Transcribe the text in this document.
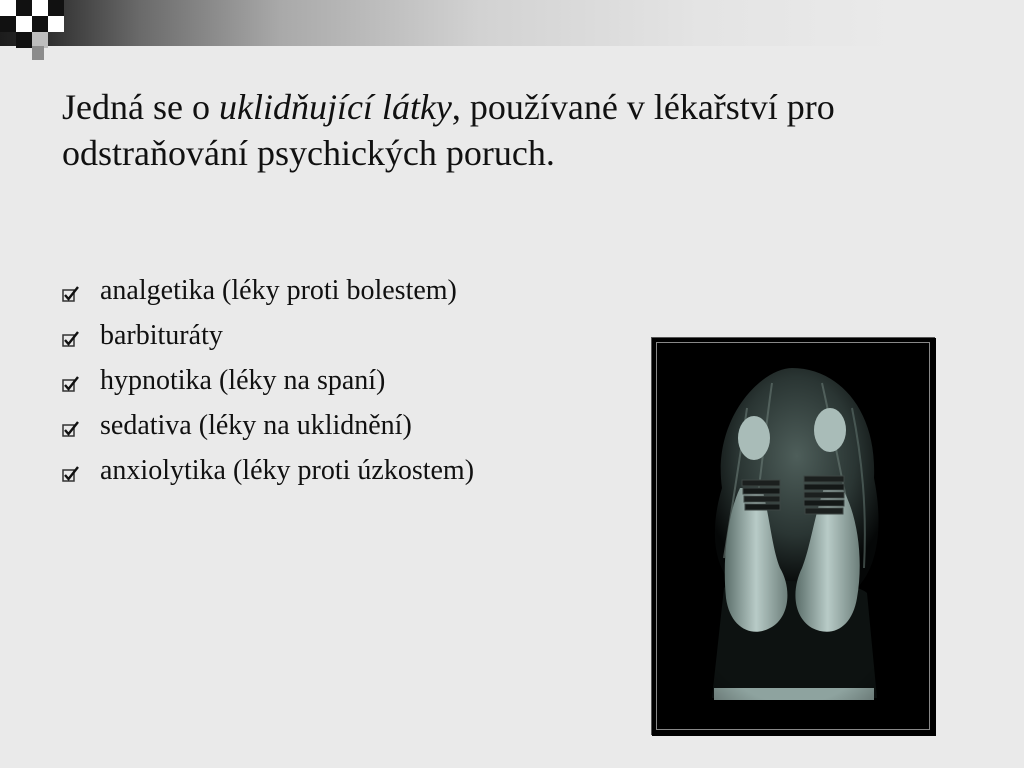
Jedná se o uklidňující látky, používané v lékařství pro odstraňování psychických poruch.
analgetika (léky proti bolestem)
barbituráty
hypnotika (léky na spaní)
sedativa (léky na uklidnění)
anxiolytika (léky proti úzkostem)
